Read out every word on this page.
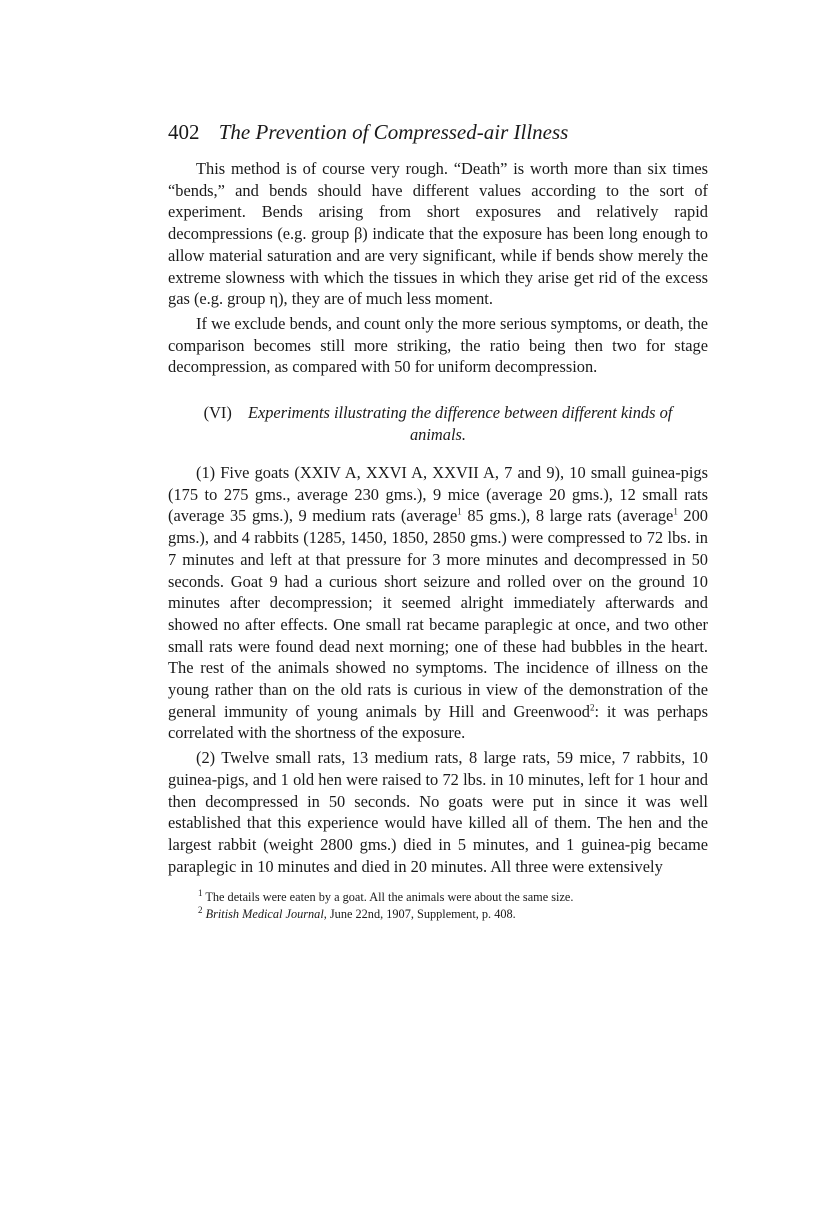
402 The Prevention of Compressed-air Illness

This method is of course very rough. “Death” is worth more than six times “bends,” and bends should have different values according to the sort of experiment. Bends arising from short exposures and relatively rapid decompressions (e.g. group β) indicate that the exposure has been long enough to allow material saturation and are very significant, while if bends show merely the extreme slowness with which the tissues in which they arise get rid of the excess gas (e.g. group η), they are of much less moment.

If we exclude bends, and count only the more serious symptoms, or death, the comparison becomes still more striking, the ratio being then two for stage decompression, as compared with 50 for uniform decompression.

(VI) Experiments illustrating the difference between different kinds of animals.

(1) Five goats (XXIV A, XXVI A, XXVII A, 7 and 9), 10 small guinea-pigs (175 to 275 gms., average 230 gms.), 9 mice (average 20 gms.), 12 small rats (average 35 gms.), 9 medium rats (average$^1$ 85 gms.), 8 large rats (average$^1$ 200 gms.), and 4 rabbits (1285, 1450, 1850, 2850 gms.) were compressed to 72 lbs. in 7 minutes and left at that pressure for 3 more minutes and decompressed in 50 seconds. Goat 9 had a curious short seizure and rolled over on the ground 10 minutes after decompression; it seemed alright immediately afterwards and showed no after effects. One small rat became paraplegic at once, and two other small rats were found dead next morning; one of these had bubbles in the heart. The rest of the animals showed no symptoms. The incidence of illness on the young rather than on the old rats is curious in view of the demonstration of the general immunity of young animals by Hill and Greenwood$^2$: it was perhaps correlated with the shortness of the exposure.

(2) Twelve small rats, 13 medium rats, 8 large rats, 59 mice, 7 rabbits, 10 guinea-pigs, and 1 old hen were raised to 72 lbs. in 10 minutes, left for 1 hour and then decompressed in 50 seconds. No goats were put in since it was well established that this experience would have killed all of them. The hen and the largest rabbit (weight 2800 gms.) died in 5 minutes, and 1 guinea-pig became paraplegic in 10 minutes and died in 20 minutes. All three were extensively

$^1$ The details were eaten by a goat. All the animals were about the same size.
$^2$ British Medical Journal, June 22nd, 1907, Supplement, p. 408.
